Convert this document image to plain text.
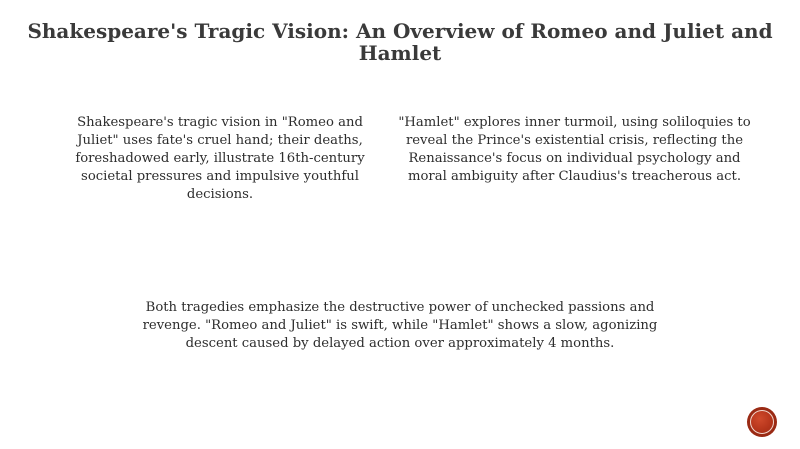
Shakespeare's Tragic Vision: An Overview of Romeo and Juliet and Hamlet

Shakespeare's tragic vision in "Romeo and Juliet" uses fate's cruel hand; their deaths, foreshadowed early, illustrate 16th-century societal pressures and impulsive youthful decisions.

"Hamlet" explores inner turmoil, using soliloquies to reveal the Prince's existential crisis, reflecting the Renaissance's focus on individual psychology and moral ambiguity after Claudius's treacherous act.

Both tragedies emphasize the destructive power of unchecked passions and revenge. "Romeo and Juliet" is swift, while "Hamlet" shows a slow, agonizing descent caused by delayed action over approximately 4 months.
